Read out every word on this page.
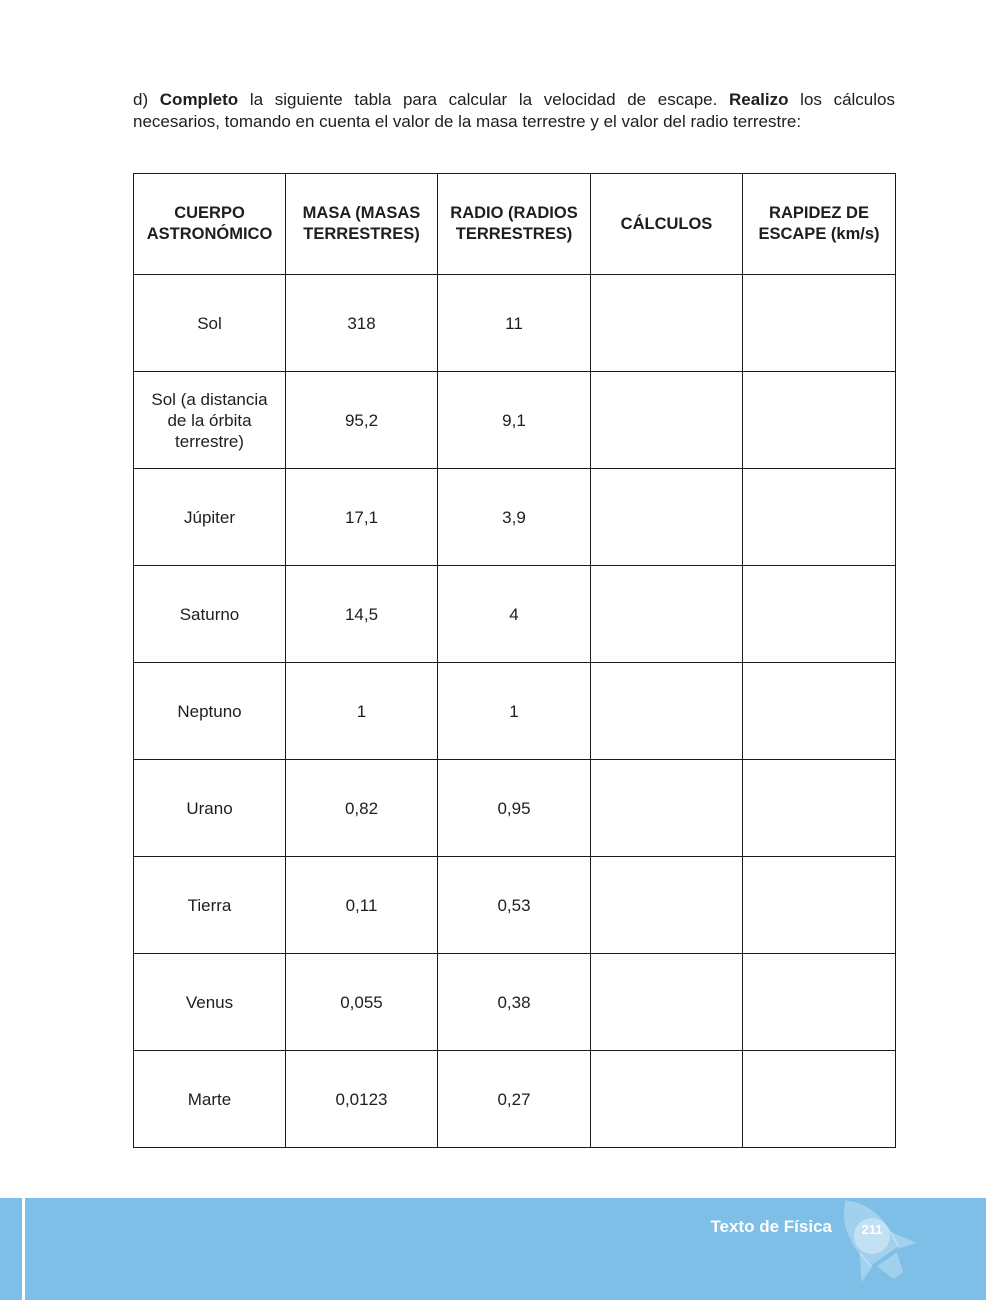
d) Completo la siguiente tabla para calcular la velocidad de escape. Realizo los cálculos necesarios, tomando en cuenta el valor de la masa terrestre y el valor del radio terrestre:

CUERPO ASTRONÓMICO	MASA (MASAS TERRESTRES)	RADIO (RADIOS TERRESTRES)	CÁLCULOS	RAPIDEZ DE ESCAPE (km/s)
Sol	318	11		
Sol (a distancia de la órbita terrestre)	95,2	9,1		
Júpiter	17,1	3,9		
Saturno	14,5	4		
Neptuno	1	1		
Urano	0,82	0,95		
Tierra	0,11	0,53		
Venus	0,055	0,38		
Marte	0,0123	0,27		
Texto de Física	211
